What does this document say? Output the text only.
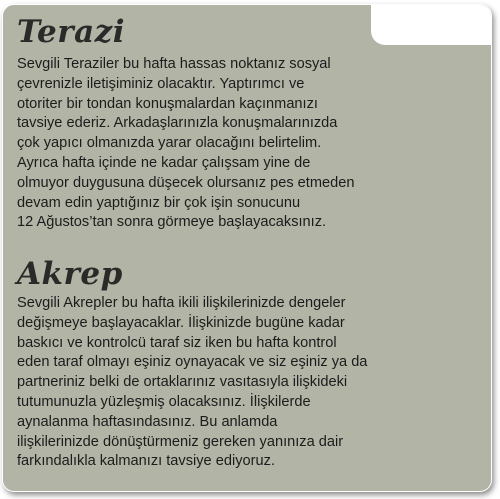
Terazi

Sevgili Teraziler bu hafta hassas noktanız sosyal
çevrenizle iletişiminiz olacaktır. Yaptırımcı ve
otoriter bir tondan konuşmalardan kaçınmanızı
tavsiye ederiz. Arkadaşlarınızla konuşmalarınızda
çok yapıcı olmanızda yarar olacağını belirtelim.
Ayrıca hafta içinde ne kadar çalışsam yine de
olmuyor duygusuna düşecek olursanız pes etmeden
devam edin yaptığınız bir çok işin sonucunu
12 Ağustos’tan sonra görmeye başlayacaksınız.

Akrep

Sevgili Akrepler bu hafta ikili ilişkilerinizde dengeler
değişmeye başlayacaklar. İlişkinizde bugüne kadar
baskıcı ve kontrolcü taraf siz iken bu hafta kontrol
eden taraf olmayı eşiniz oynayacak ve siz eşiniz ya da
partneriniz belki de ortaklarınız vasıtasıyla ilişkideki
tutumunuzla yüzleşmiş olacaksınız. İlişkilerde
aynalanma haftasındasınız. Bu anlamda
ilişkilerinizde dönüştürmeniz gereken yanınıza dair
farkındalıkla kalmanızı tavsiye ediyoruz.
